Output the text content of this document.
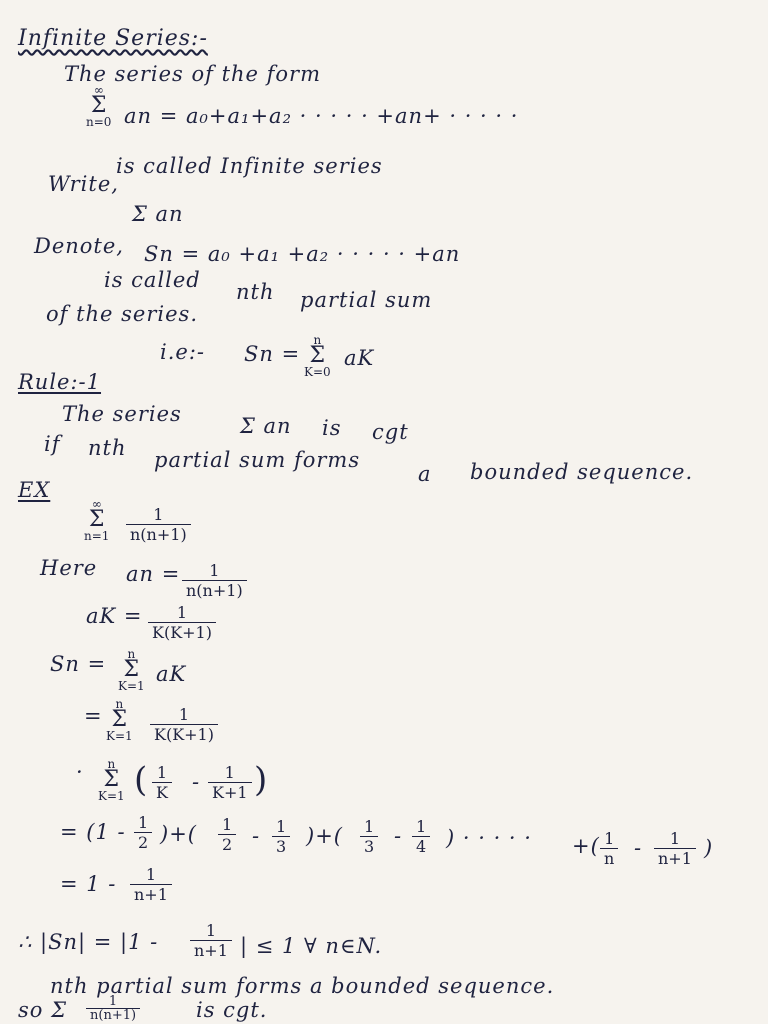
Infinite Series:-
The series of the form
∞
Σ
n=0 an = a₀+a₁+a₂ · · · · · +an+ · · · · ·
is called Infinite series
Write,
Σ an
Denote, Sn = a₀ +a₁ +a₂ · · · · · +an
is called nth partial sum
of the series.
i.e:- Sn =
n
Σ
K=0
aK
Rule:-1
The series	Σ an is cgt
if nth partial sum forms
a bounded sequence.
EX
∞
Σ
$n=1 \frac{1}{n(n+1)}$
Here an = $\frac{1}{n(n+1)}$
aK = $\frac{1}{K(K+1)}$
Sn =	n
Σ
K=1 aK
=	n
Σ
$K=1 \frac{1}{K(K+1)}$
·	n
Σ
K=1 ( $\frac{1}{K} - \frac{1}{K+1}$ )
= ($1 - \frac{1}{2}$ )+( $\frac{1}{2} - \frac{1}{3}$ )+( $\frac{1}{3} - \frac{1}{4}$ ) · · · · · +( $\frac{1}{n} - \frac{1}{n+1}$ )
= $1 - \frac{1}{n+1}$
∴ $|Sn| = |1 - \frac{1}{n+1}$ | ≤ 1 ∀ n∈N.
nth partial sum forms a bounded sequence.
so Σ $\frac{1}{n(n+1)}$	is cgt.
